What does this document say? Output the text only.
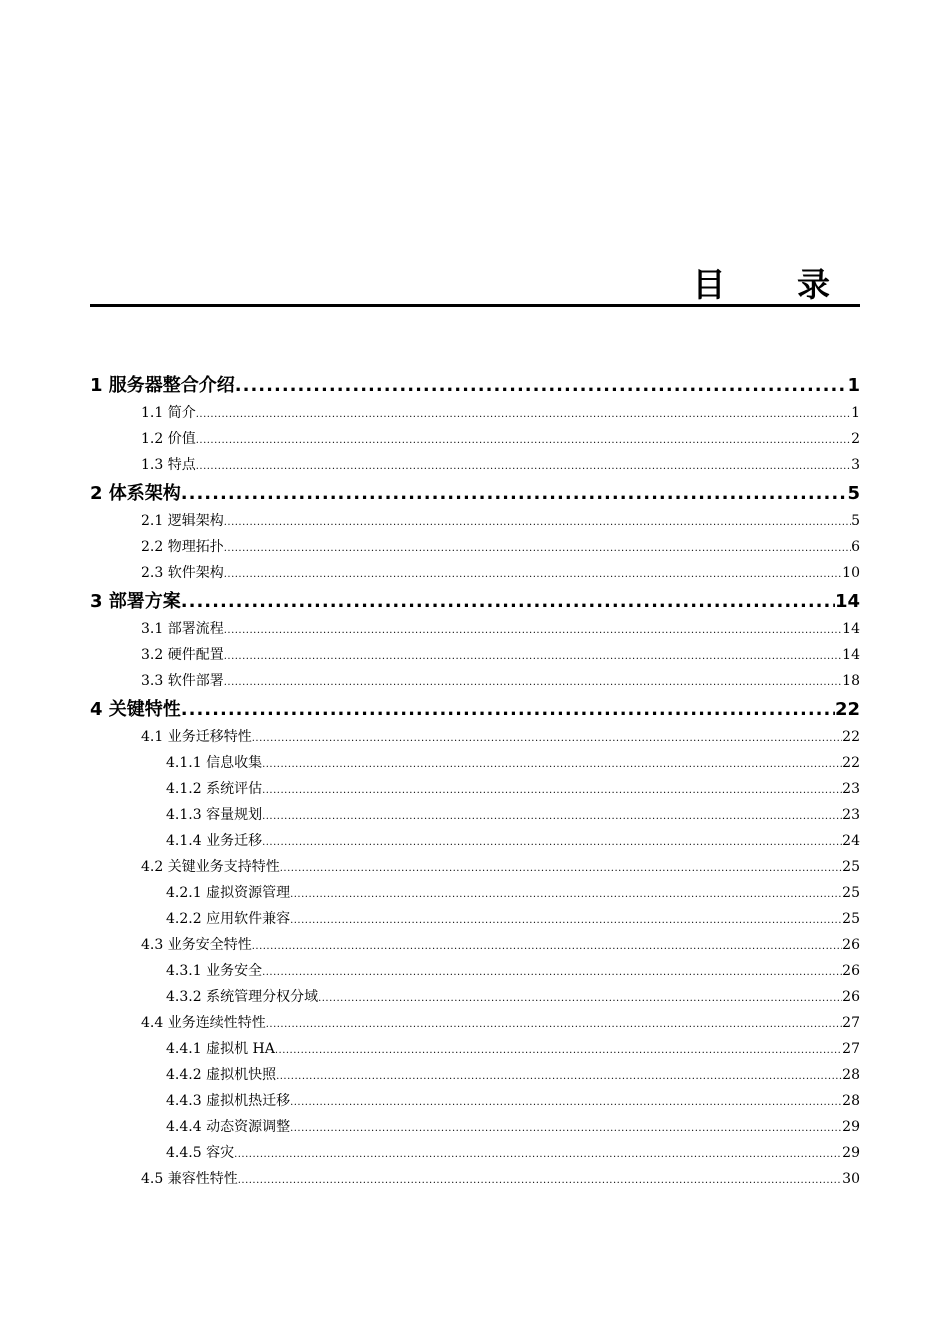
目 录
1 服务器整合介绍 .....	1
1.1 简介 .....	1
1.2 价值 .....	2
1.3 特点 .....	3
2 体系架构 .....	5
2.1 逻辑架构 .....	5
2.2 物理拓扑 .....	6
2.3 软件架构 .....	10
3 部署方案 .....	14
3.1 部署流程 .....	14
3.2 硬件配置 .....	14
3.3 软件部署 .....	18
4 关键特性 .....	22
4.1 业务迁移特性 .....	22
4.1.1 信息收集 .....	22
4.1.2 系统评估 .....	23
4.1.3 容量规划 .....	23
4.1.4 业务迁移 .....	24
4.2 关键业务支持特性 .....	25
4.2.1 虚拟资源管理 .....	25
4.2.2 应用软件兼容 .....	25
4.3 业务安全特性 .....	26
4.3.1 业务安全 .....	26
4.3.2 系统管理分权分域 .....	26
4.4 业务连续性特性 .....	27
4.4.1 虚拟机 HA .....	27
4.4.2 虚拟机快照 .....	28
4.4.3 虚拟机热迁移 .....	28
4.4.4 动态资源调整 .....	29
4.4.5 容灾 .....	29
4.5 兼容性特性 .....	30
